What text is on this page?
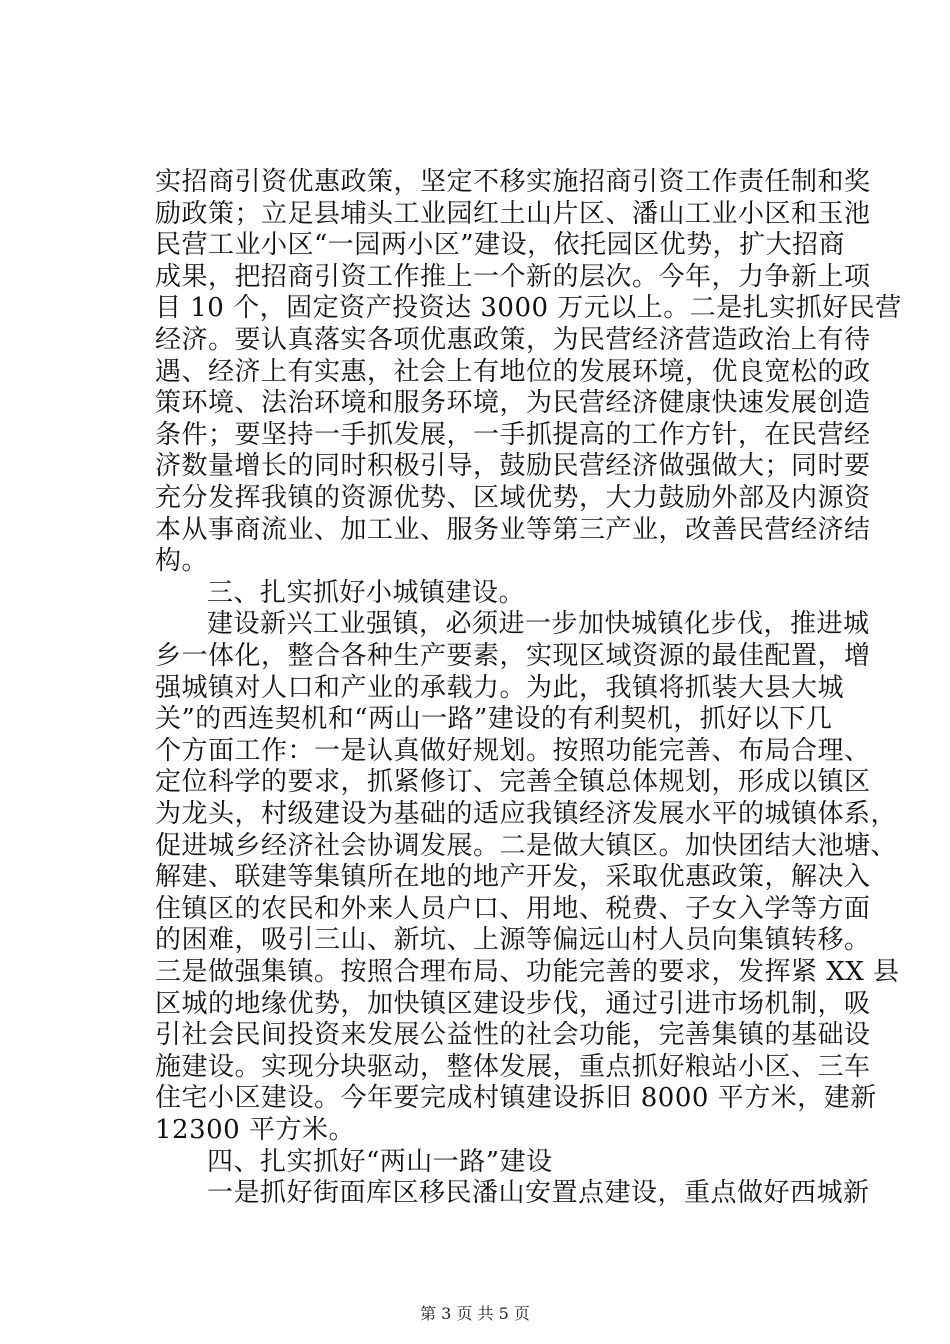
实招商引资优惠政策，坚定不移实施招商引资工作责任制和奖
励政策；立足县埔头工业园红土山片区、潘山工业小区和玉池
民营工业小区“一园两小区”建设，依托园区优势，扩大招商
成果，把招商引资工作推上一个新的层次。今年，力争新上项
目 10 个，固定资产投资达 3000 万元以上。二是扎实抓好民营
经济。要认真落实各项优惠政策，为民营经济营造政治上有待
遇、经济上有实惠，社会上有地位的发展环境，优良宽松的政
策环境、法治环境和服务环境，为民营经济健康快速发展创造
条件；要坚持一手抓发展，一手抓提高的工作方针，在民营经
济数量增长的同时积极引导，鼓励民营经济做强做大；同时要
充分发挥我镇的资源优势、区域优势，大力鼓励外部及内源资
本从事商流业、加工业、服务业等第三产业，改善民营经济结
构。
三、扎实抓好小城镇建设。
建设新兴工业强镇，必须进一步加快城镇化步伐，推进城
乡一体化，整合各种生产要素，实现区域资源的最佳配置，增
强城镇对人口和产业的承载力。为此，我镇将抓装大县大城
关”的西连契机和“两山一路”建设的有利契机，抓好以下几
个方面工作：一是认真做好规划。按照功能完善、布局合理、
定位科学的要求，抓紧修订、完善全镇总体规划，形成以镇区
为龙头，村级建设为基础的适应我镇经济发展水平的城镇体系，
促进城乡经济社会协调发展。二是做大镇区。加快团结大池塘、
解建、联建等集镇所在地的地产开发，采取优惠政策，解决入
住镇区的农民和外来人员户口、用地、税费、子女入学等方面
的困难，吸引三山、新坑、上源等偏远山村人员向集镇转移。
三是做强集镇。按照合理布局、功能完善的要求，发挥紧 XX 县
区城的地缘优势，加快镇区建设步伐，通过引进市场机制，吸
引社会民间投资来发展公益性的社会功能，完善集镇的基础设
施建设。实现分块驱动，整体发展，重点抓好粮站小区、三车
住宅小区建设。今年要完成村镇建设拆旧 8000 平方米，建新
12300 平方米。
四、扎实抓好“两山一路”建设
一是抓好街面库区移民潘山安置点建设，重点做好西城新
第 3 页 共 5 页
